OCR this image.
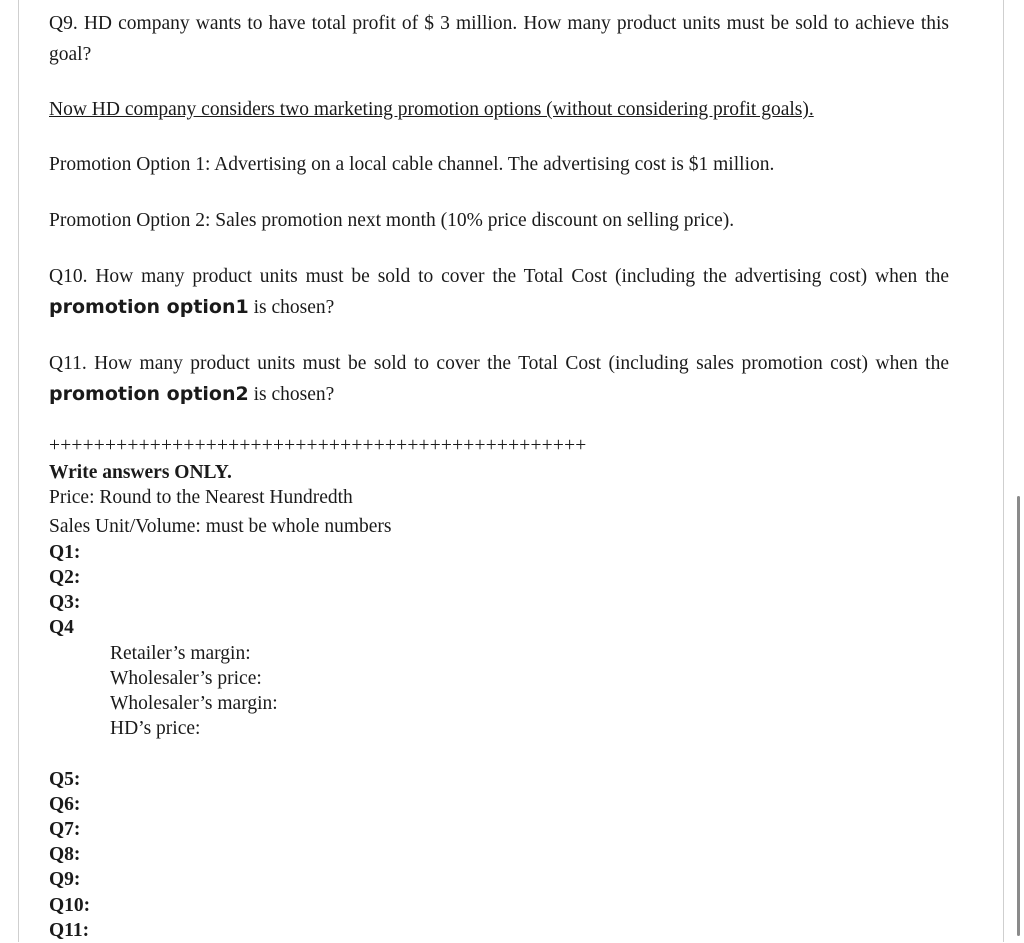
Q9. HD company wants to have total profit of $ 3 million. How many product units must be sold to achieve this goal?

Now HD company considers two marketing promotion options (without considering profit goals).

Promotion Option 1: Advertising on a local cable channel. The advertising cost is $1 million.

Promotion Option 2: Sales promotion next month (10% price discount on selling price).

Q10. How many product units must be sold to cover the Total Cost (including the advertising cost) when the promotion option1 is chosen?

Q11. How many product units must be sold to cover the Total Cost (including sales promotion cost) when the promotion option2 is chosen?

++++++++++++++++++++++++++++++++++++++++++++++++
Write answers ONLY.
Price: Round to the Nearest Hundredth
Sales Unit/Volume: must be whole numbers
Q1:
Q2:
Q3:
Q4
Retailer’s margin:
Wholesaler’s price:
Wholesaler’s margin:
HD’s price:
Q5:
Q6:
Q7:
Q8:
Q9:
Q10:
Q11:
